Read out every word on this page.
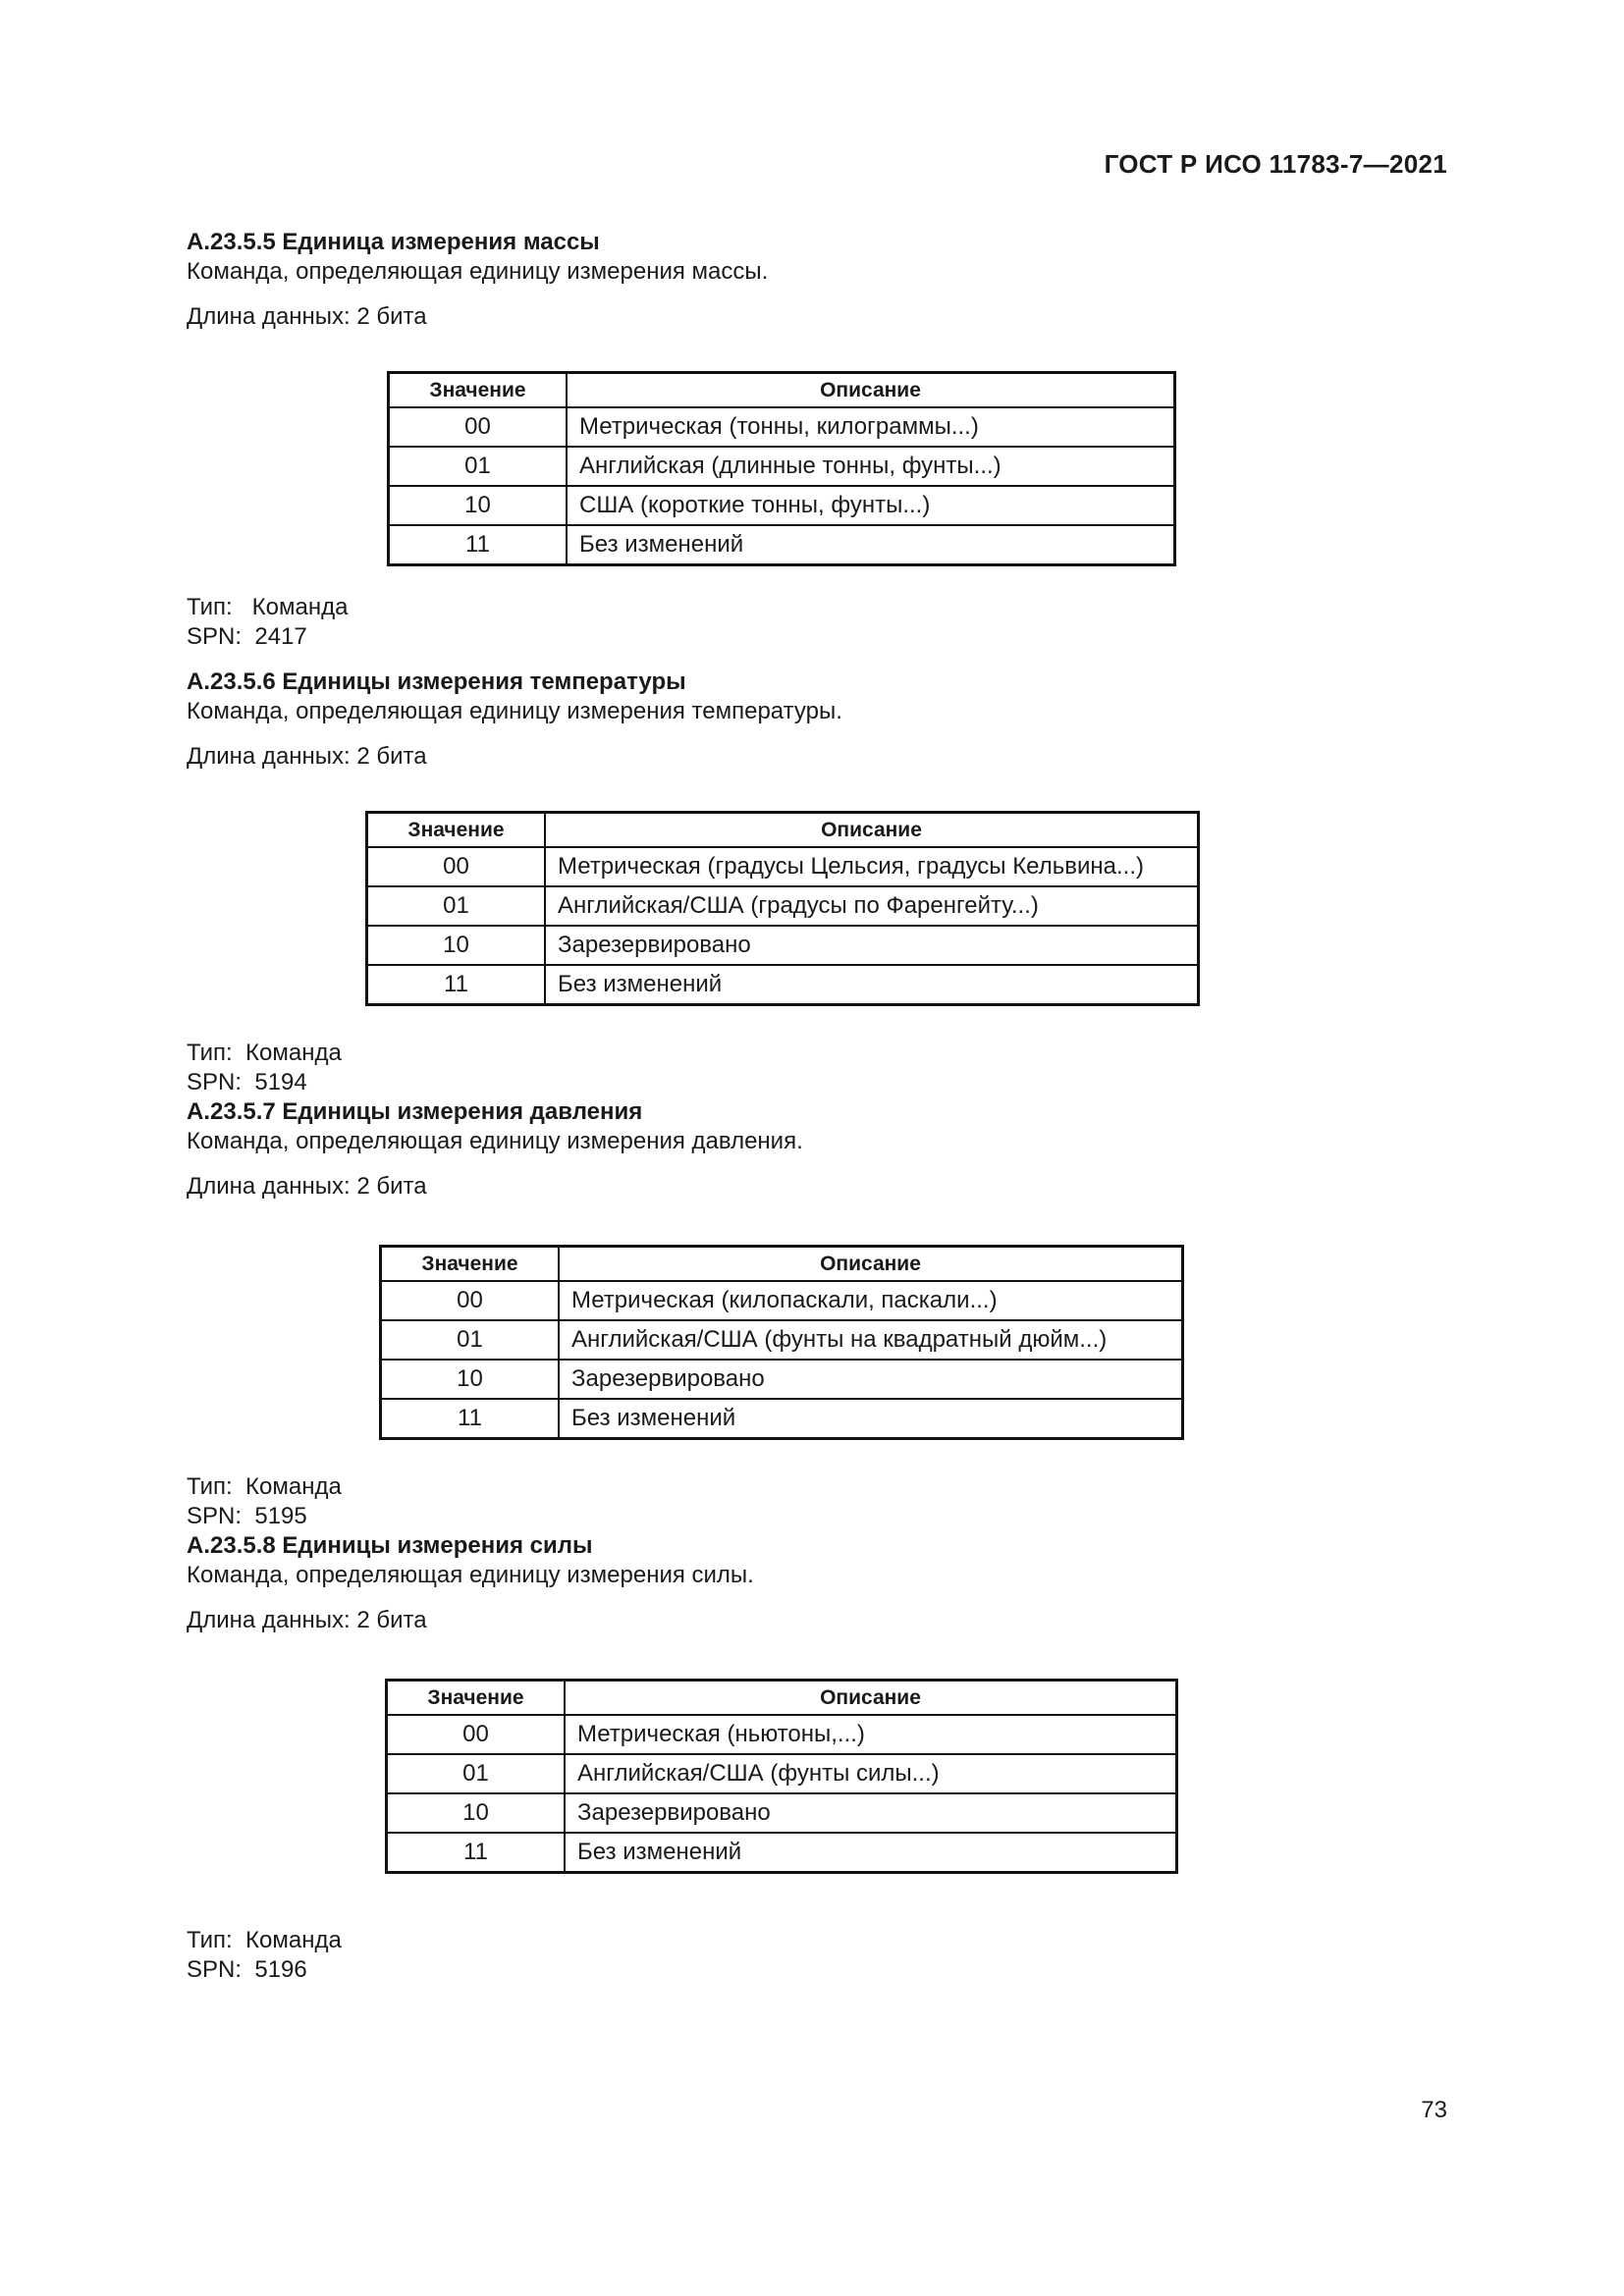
ГОСТ Р ИСО 11783-7—2021
А.23.5.5 Единица измерения массы
Команда, определяющая единицу измерения массы.
Длина данных: 2 бита
Значение	Описание
00	Метрическая (тонны, килограммы...)
01	Английская (длинные тонны, фунты...)
10	США (короткие тонны, фунты...)
11	Без изменений
Тип:   Команда
SPN:  2417
А.23.5.6 Единицы измерения температуры
Команда, определяющая единицу измерения температуры.
Длина данных: 2 бита
Значение	Описание
00	Метрическая (градусы Цельсия, градусы Кельвина...)
01	Английская/США (градусы по Фаренгейту...)
10	Зарезервировано
11	Без изменений
Тип:  Команда
SPN:  5194
А.23.5.7 Единицы измерения давления
Команда, определяющая единицу измерения давления.
Длина данных: 2 бита
Значение	Описание
00	Метрическая (килопаскали, паскали...)
01	Английская/США (фунты на квадратный дюйм...)
10	Зарезервировано
11	Без изменений
Тип:  Команда
SPN:  5195
А.23.5.8 Единицы измерения силы
Команда, определяющая единицу измерения силы.
Длина данных: 2 бита
Значение	Описание
00	Метрическая (ньютоны,...)
01	Английская/США (фунты силы...)
10	Зарезервировано
11	Без изменений
Тип:  Команда
SPN:  5196
73
